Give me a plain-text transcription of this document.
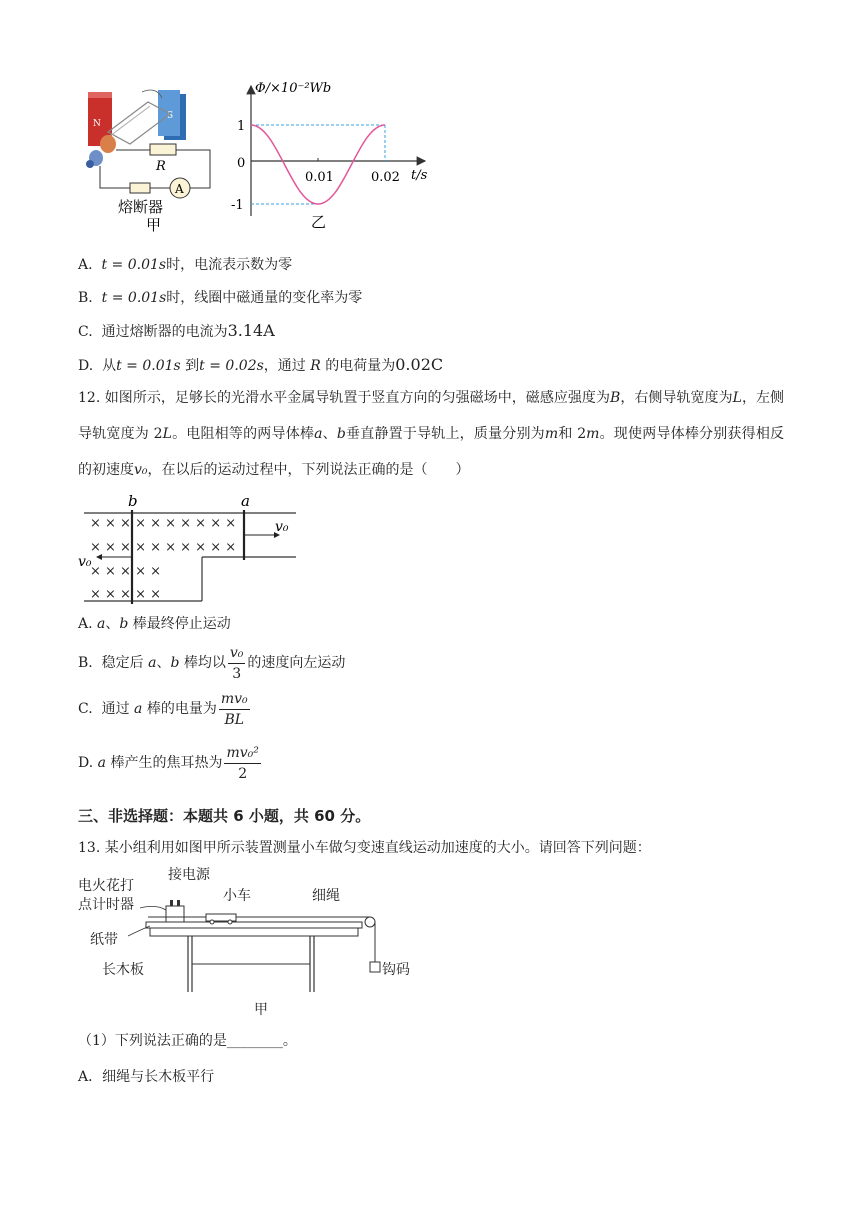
N
S
R
A
熔断器
甲
Φ/×10⁻²Wb
1
0
-1
0.01	0.02 t/s
乙
A. t = 0.01s时，电流表示数为零
B. t = 0.01s时，线圈中磁通量的变化率为零
C. 通过熔断器的电流为3.14A
D. 从t = 0.01s 到t = 0.02s，通过 R 的电荷量为0.02C
12. 如图所示，足够长的光滑水平金属导轨置于竖直方向的匀强磁场中，磁感应强度为B，右侧导轨宽度为L，左侧导轨宽度为 2L。电阻相等的两导体棒a、b垂直静置于导轨上，质量分别为m和 2m。现使两导体棒分别获得相反的初速度v₀，在以后的运动过程中，下列说法正确的是（　　）
b	a
× × × × × × × × × ×
× × × × × × × × × ×
× × × × ×
× × × × ×
v₀
v₀
A. a、b 棒最终停止运动
B. 稳定后 a、b 棒均以 $\frac{\text{v₀}}{3}$ 的速度向左运动
C. 通过 a 棒的电量为 $\frac{\text{mv₀}}{BL}$
D. a 棒产生的焦耳热为 $\frac{\text{mv₀²}}{2}$
三、非选择题：本题共 6 小题，共 60 分。
13. 某小组利用如图甲所示装置测量小车做匀变速直线运动加速度的大小。请回答下列问题：
电火花打
点计时器
接电源
小车	细绳
纸带
长木板	钩码
甲
（1）下列说法正确的是________。
A．细绳与长木板平行
